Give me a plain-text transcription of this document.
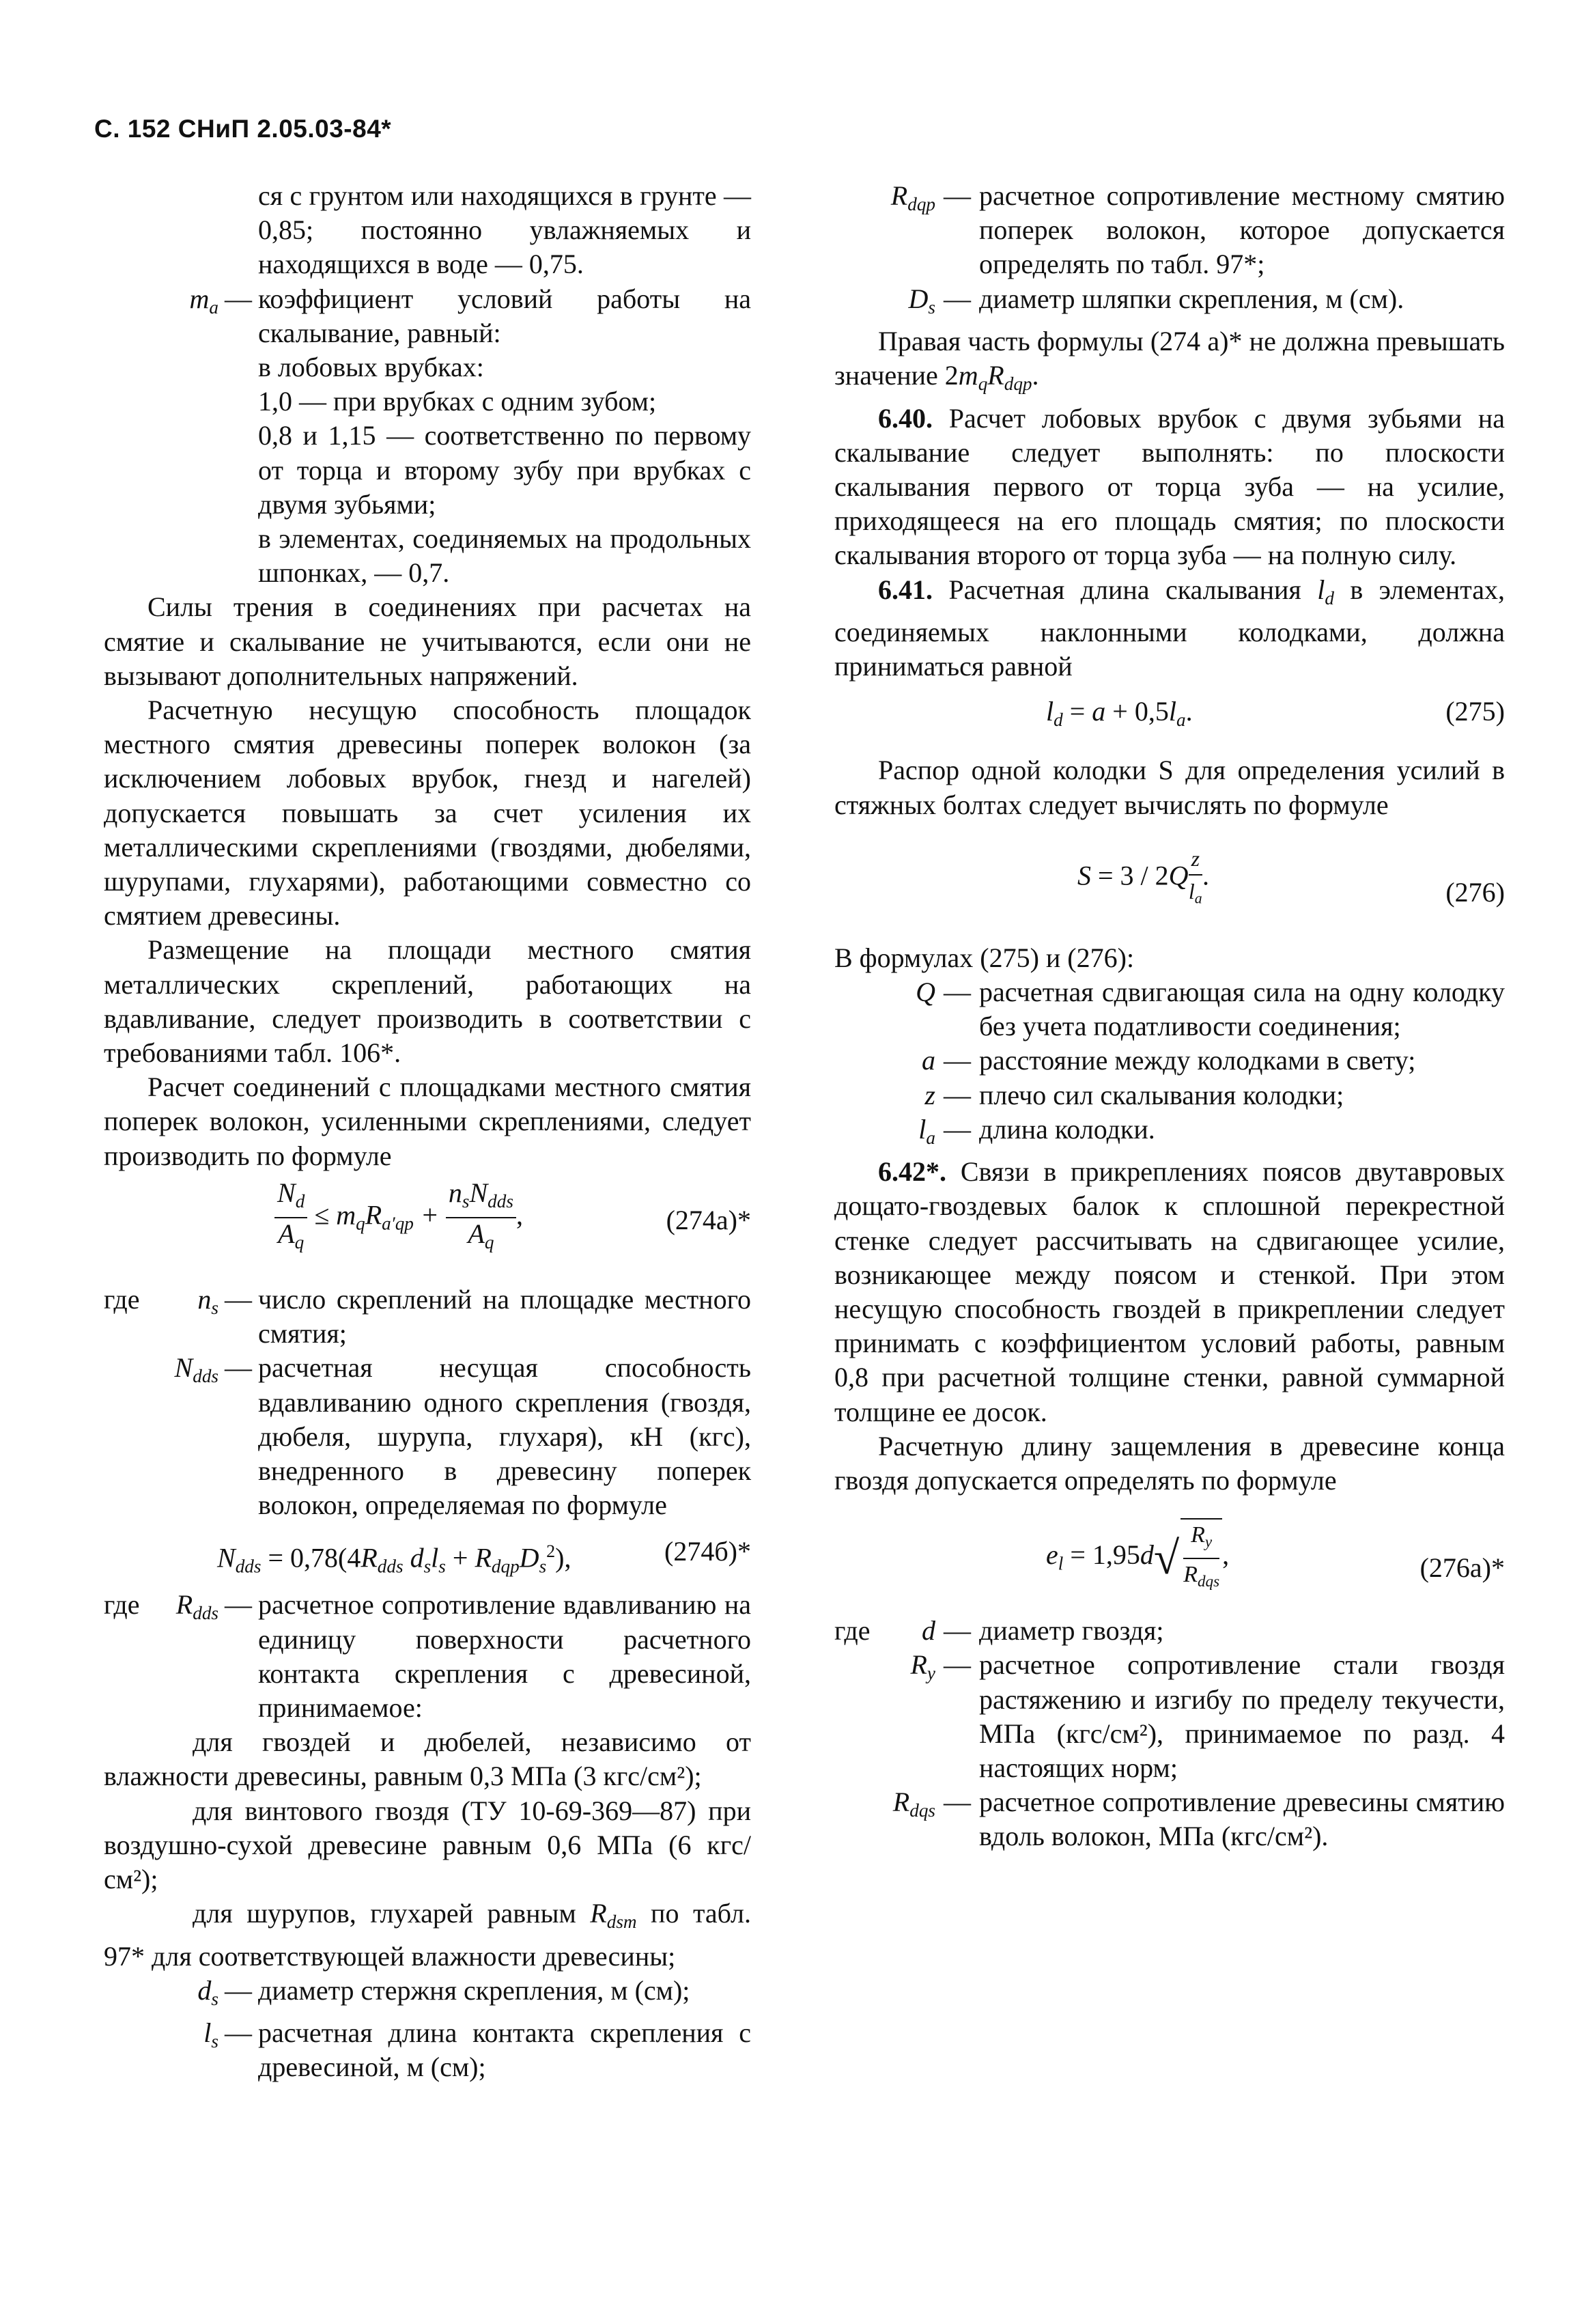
С. 152 СНиП 2.05.03-84*
ся с грунтом или находящихся в грунте — 0,85; постоянно увлажняемых и находящихся в воде — 0,75.
$m_a$ — коэффициент условий работы на скалывание, равный:
в лобовых врубках:
1,0 — при врубках с одним зубом;
0,8 и 1,15 — соответственно по первому от торца и второму зубу при врубках с двумя зубьями;
в элементах, соединяемых на продольных шпонках, — 0,7.

Силы трения в соединениях при расчетах на смятие и скалывание не учитываются, если они не вызывают дополнительных напряжений.

Расчетную несущую способность площадок местного смятия древесины поперек волокон (за исключением лобовых врубок, гнезд и нагелей) допускается повышать за счет усиления их металлическими скреплениями (гвоздями, дюбелями, шурупами, глухарями), работающими совместно со смятием древесины.

Размещение на площади местного смятия металлических скреплений, работающих на вдавливание, следует производить в соответствии с требованиями табл. 106*.

Расчет соединений с площадками местного смятия поперек волокон, усиленными скреплениями, следует производить по формуле

$\frac{N_d}{A_q} \le m_qR_{a'qp} + \frac{n_sN_{dds}}{A_q}$ ,	(274а)*
где $n_s$ — число скреплений на площадке местного смятия;
$N_{dds}$ — расчетная несущая способность вдавливанию одного скрепления (гвоздя, дюбеля, шурупа, глухаря), кН (кгс), внедренного в древесину поперек волокон, определяемая по формуле
$N_{dds} = 0,78(4R_{dds}$ $d_sl_s + R_{dqp}D_s^2$),	(274б)*
где $R_{dds}$ — расчетное сопротивление вдавливанию на единицу поверхности расчетного контакта скрепления с древесиной, принимаемое:

для гвоздей и дюбелей, независимо от влажности древесины, равным 0,3 МПа (3 кгс/см²);

для винтового гвоздя (ТУ 10-69-369—87) при воздушно-сухой древесине равным 0,6 МПа (6 кгс/см²);

для шурупов, глухарей равным $R_{dsm}$ по табл. 97* для соответствующей влажности древесины;

$d_s$ — диаметр стержня скрепления, м (см);
$l_s$ — расчетная длина контакта скрепления с древесиной, м (см);
$R_{dqp}$ — расчетное сопротивление местному смятию поперек волокон, которое допускается определять по табл. 97*;
$D_s$ — диаметр шляпки скрепления, м (см).

Правая часть формулы (274 а)* не должна превышать значение $2m_qR_{dqp}$.

6.40. Расчет лобовых врубок с двумя зубьями на скалывание следует выполнять: по плоскости скалывания первого от торца зуба — на усилие, приходящееся на его площадь смятия; по плоскости скалывания второго от торца зуба — на полную силу.

6.41. Расчетная длина скалывания $l_d$ в элементах, соединяемых наклонными колодками, должна приниматься равной

$l_d = a + 0,5l_a$.	(275)

Распор одной колодки S для определения усилий в стяжных болтах следует вычислять по формуле

$S = 3 / 2Q \frac{z}{l_a}$ .
(276)

В формулах (275) и (276):

Q — расчетная сдвигающая сила на одну колодку без учета податливости соединения;
a — расстояние между колодками в свету;
z — плечо сил скалывания колодки;
$l_a$ — длина колодки.

6.42*. Связи в прикреплениях поясов двутавровых дощато-гвоздевых балок к сплошной перекрестной стенке следует рассчитывать на сдвигающее усилие, возникающее между поясом и стенкой. При этом несущую способность гвоздей в прикреплении следует принимать с коэффициентом условий работы, равным 0,8 при расчетной толщине стенки, равной суммарной толщине ее досок.

Расчетную длину защемления в древесине конца гвоздя допускается определять по формуле

$e_l = 1,95d√ \frac{R_y}{R_{dqs}}$ ,	(276а)*
где d — диаметр гвоздя;
$R_y$ — расчетное сопротивление стали гвоздя растяжению и изгибу по пределу текучести, МПа (кгс/см²), принимаемое по разд. 4 настоящих норм;
$R_{dqs}$ — расчетное сопротивление древесины смятию вдоль волокон, МПа (кгс/см²).
